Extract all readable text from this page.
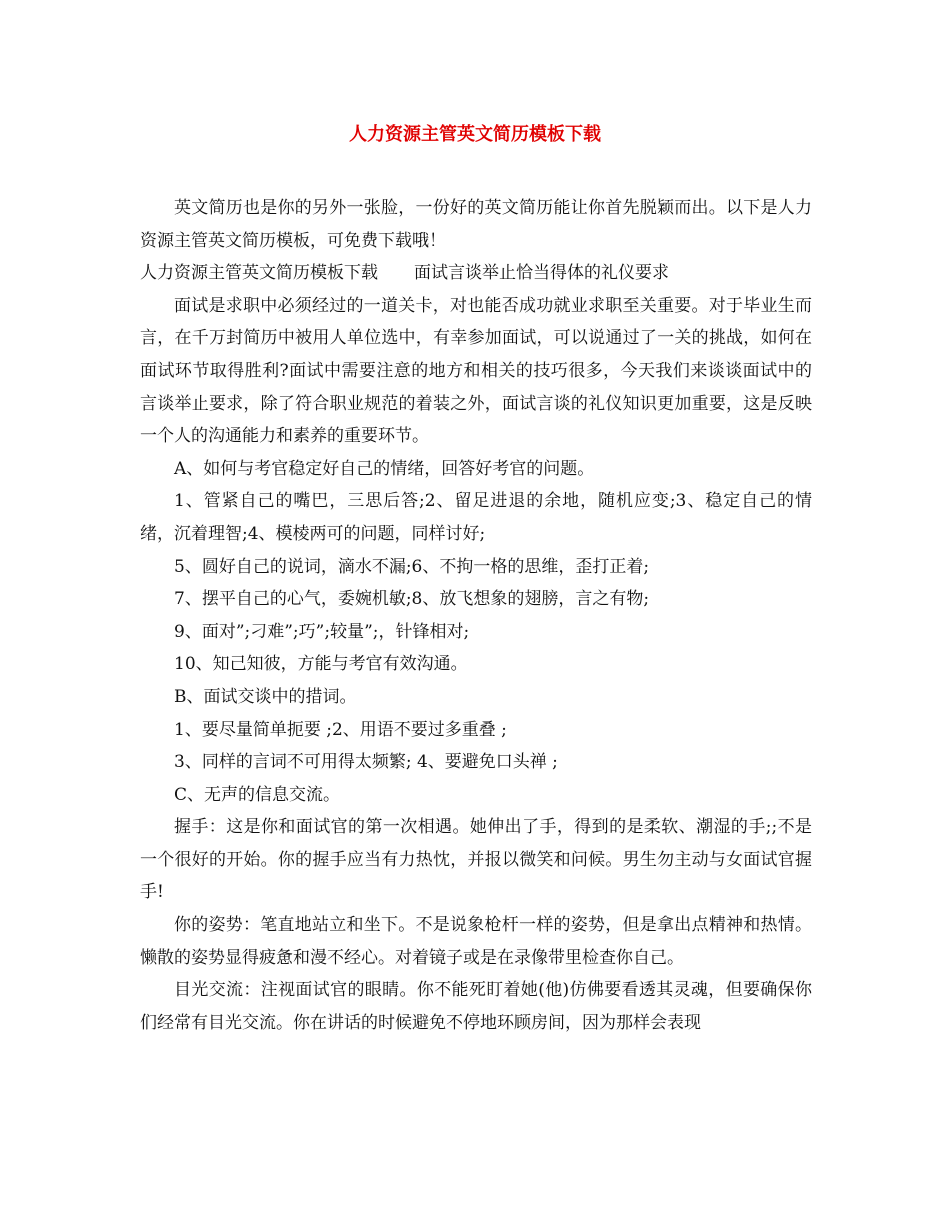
人力资源主管英文简历模板下载

英文简历也是你的另外一张脸，一份好的英文简历能让你首先脱颖而出。以下是人力资源主管英文简历模板，可免费下载哦！

人力资源主管英文简历模板下载 面试言谈举止恰当得体的礼仪要求

面试是求职中必须经过的一道关卡，对也能否成功就业求职至关重要。对于毕业生而言，在千万封简历中被用人单位选中，有幸参加面试，可以说通过了一关的挑战，如何在面试环节取得胜利?面试中需要注意的地方和相关的技巧很多，今天我们来谈谈面试中的言谈举止要求，除了符合职业规范的着装之外，面试言谈的礼仪知识更加重要，这是反映一个人的沟通能力和素养的重要环节。

A、如何与考官稳定好自己的情绪，回答好考官的问题。

1、管紧自己的嘴巴，三思后答;2、留足进退的余地，随机应变;3、稳定自己的情绪，沉着理智;4、模棱两可的问题，同样讨好;

5、圆好自己的说词，滴水不漏;6、不拘一格的思维，歪打正着;

7、摆平自己的心气，委婉机敏;8、放飞想象的翅膀，言之有物;

9、面对”;刁难”;巧”;较量”;，针锋相对;

10、知己知彼，方能与考官有效沟通。

B、面试交谈中的措词。

1、要尽量简单扼要 ;2、用语不要过多重叠 ;

3、同样的言词不可用得太频繁; 4、要避免口头禅 ;

C、无声的信息交流。

握手：这是你和面试官的第一次相遇。她伸出了手，得到的是柔软、潮湿的手;;不是一个很好的开始。你的握手应当有力热忱，并报以微笑和问候。男生勿主动与女面试官握手!

你的姿势：笔直地站立和坐下。不是说象枪杆一样的姿势，但是拿出点精神和热情。懒散的姿势显得疲惫和漫不经心。对着镜子或是在录像带里检查你自己。

目光交流：注视面试官的眼睛。你不能死盯着她(他)仿佛要看透其灵魂，但要确保你们经常有目光交流。你在讲话的时候避免不停地环顾房间，因为那样会表现
